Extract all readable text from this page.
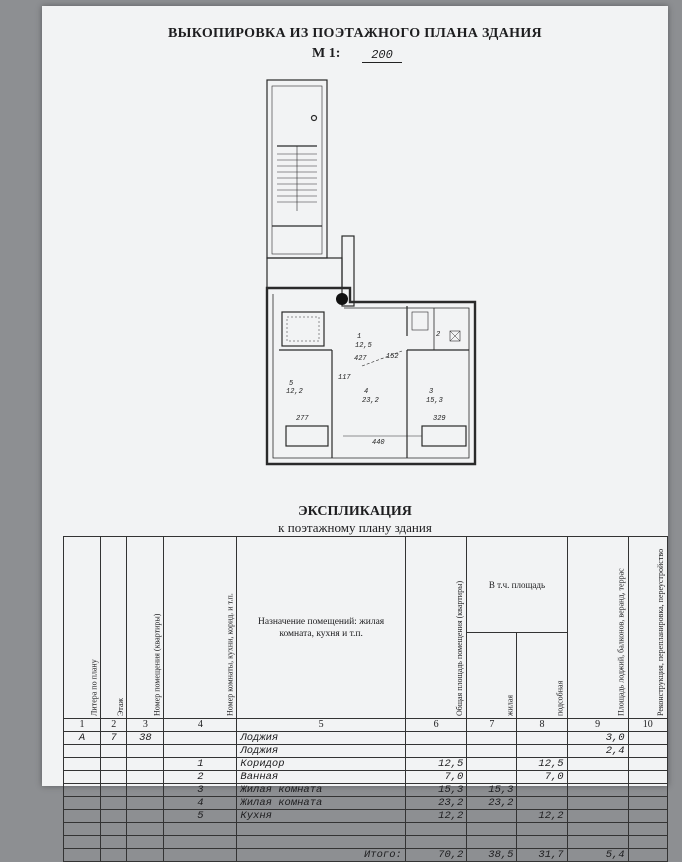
ВЫКОПИРОВКА ИЗ ПОЭТАЖНОГО ПЛАНА ЗДАНИЯ
М 1:	200
1
12,5
427	152
2
5
12,2
117
4
23,2
3
15,3
277
440
329
ЭКСПЛИКАЦИЯ
к поэтажному плану здания
Литера по плану	Этаж	Номер помещения (квартиры)	Номер комнаты, кухни, корид. и т.п.	Назначение помещений: жилая комната, кухня и т.п.	Общая площадь помещения (квартиры)	В т.ч. площадь		Площадь лоджий, балконов, веранд, террас	Реконструкция, перепланировка, переустройство
						жилая	подсобная		
1	2	3	4	5	6	7	8	9	10
А	7	38		Лоджия				3,0	
				Лоджия				2,4	
			1	Коридор	12,5		12,5		
			2	Ванная	7,0		7,0		
			3	Жилая комната	15,3	15,3			
			4	Жилая комната	23,2	23,2			
			5	Кухня	12,2		12,2		

				Итого:	70,2	38,5	31,7	5,4	
